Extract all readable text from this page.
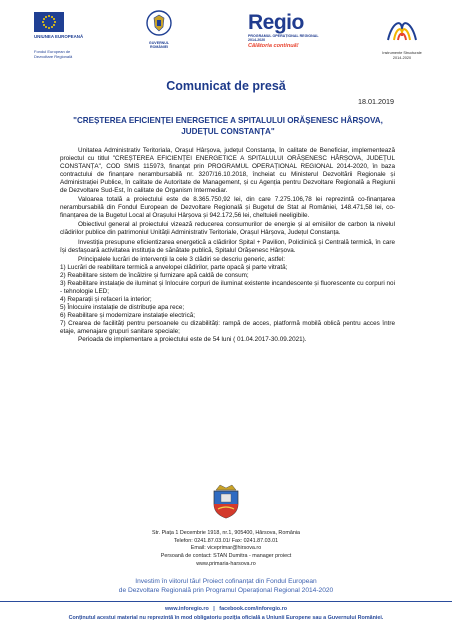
UNIUNEA EUROPEANĂ
Fondul European de
Dezvoltare Regională
GUVERNUL
ROMÂNIEI
Regio
PROGRAMUL OPERAȚIONAL REGIONAL 2014-2020
Călătoria continuă!
Instrumente Structurale
2014-2020
Comunicat de presă
18.01.2019
"CREȘTEREA EFICIENȚEI ENERGETICE A SPITALULUI ORĂȘENESC HÂRȘOVA,
JUDEȚUL CONSTANȚA"

Unitatea Administrativ Teritoriala, Orașul Hârșova, județul Constanța, în calitate de Beneficiar, implementează proiectul cu titlul "CREȘTEREA EFICIENȚEI ENERGETICE A SPITALULUI ORĂȘENESC HÂRȘOVA, JUDEȚUL CONSTANȚA", COD SMIS 115973, finanțat prin PROGRAMUL OPERAȚIONAL REGIONAL 2014-2020, în baza contractului de finanțare nerambursabilă nr. 3207/16.10.2018, încheiat cu Ministerul Dezvoltării Regionale și Administrației Publice, în calitate de Autoritate de Management, și cu Agenția pentru Dezvoltare Regională a Regiunii de Dezvoltare Sud-Est, în calitate de Organism Intermediar.

Valoarea totală a proiectului este de 8.365.750,92 lei, din care 7.275.106,78 lei reprezintă co-finanțarea nerambursabilă din Fondul European de Dezvoltare Regională și Bugetul de Stat al României, 148.471,58 lei, co-finanțarea de la Bugetul Local al Orașului Hârșova și 942.172,56 lei, cheltuieli neeligibile.

Obiectivul general al proiectului vizează reducerea consumurilor de energie și al emisiilor de carbon la nivelul clădirilor publice din patrimoniul Unității Administrativ Teritoriale, Orașul Hârșova, Județul Constanța.

Investiția presupune eficientizarea energetică a clădirilor Spital + Pavilion, Policlinică și Centrală termică, în care își desfașoară activitatea instituția de sănătate publică, Spitalul Orășenesc Hârșova.

Principalele lucrări de intervenții la cele 3 clădiri se descriu generic, astfel:

1) Lucrări de reabilitare termică a anvelopei clădirilor, parte opacă și parte vitrată;

2) Reabilitare sistem de încălzire și furnizare apă caldă de consum;

3) Reabilitare instalație de iluminat și înlocuire corpuri de iluminat existente incandescente și fluorescente cu corpuri noi - tehnologie LED;

4) Reparații și refaceri la interior;

5) Înlocuire instalație de distribuție apa rece;

6) Reabilitare și modernizare instalație electrică;

7) Crearea de facilități pentru persoanele cu dizabilități: rampă de acces, platformă mobilă oblică pentru acces între etaje, amenajare grupuri sanitare speciale;

Perioada de implementare a proiectului este de 54 luni ( 01.04.2017-30.09.2021).

Str. Piața 1 Decembrie 1918, nr.1, 905400, Hârsova, România
Telefon: 0241.87.03.01/ Fax: 0241.87.03.01
Email: viceprimar@hirsova.ro
Persoană de contact: STAN Dumitra - manager proiect
www.primaria-harsova.ro
Investim în viitorul tău! Proiect cofinanțat din Fondul European
de Dezvoltare Regională prin Programul Operațional Regional 2014-2020
www.inforegio.ro   |   facebook.com/inforegio.ro
Conținutul acestui material nu reprezintă în mod obligatoriu poziția oficială a Uniunii Europene sau a Guvernului României.
